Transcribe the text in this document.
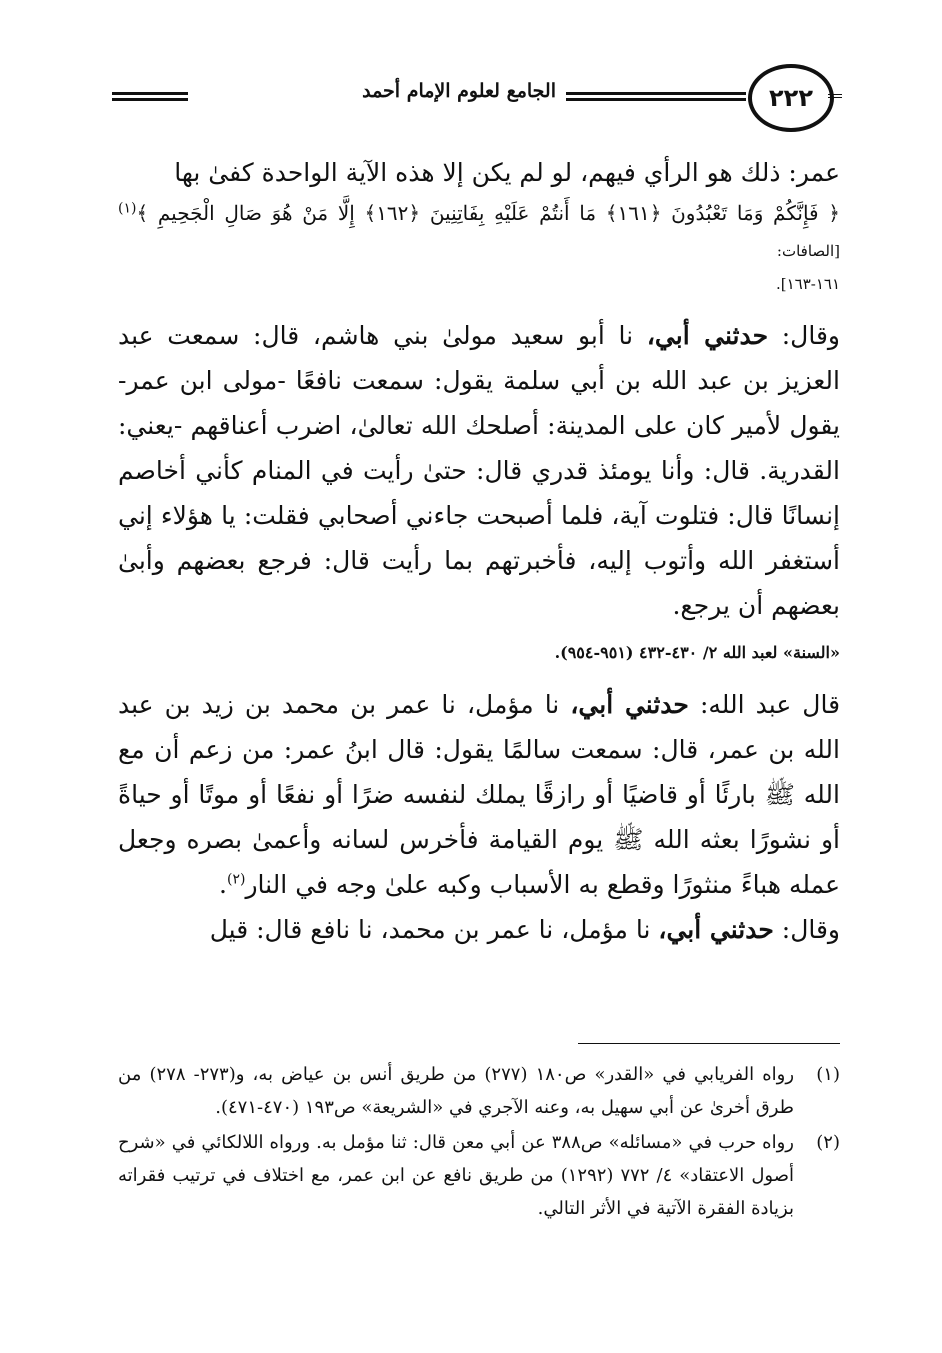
الجامع لعلوم الإمام أحمد	٢٢٢

عمر: ذلك هو الرأي فيهم، لو لم يكن إلا هذه الآية الواحدة كفىٰ بها

﴿ فَإِنَّكُمْ وَمَا تَعْبُدُونَ ﴿١٦١﴾ مَا أَنتُمْ عَلَيْهِ بِفَاتِنِينَ ﴿١٦٢﴾ إِلَّا مَنْ هُوَ صَالِ الْجَحِيمِ ﴾$^{(١)}$ [الصافات:

١٦١-١٦٣].

وقال: حدثني أبي، نا أبو سعيد مولىٰ بني هاشم، قال: سمعت عبد العزيز بن عبد الله بن أبي سلمة يقول: سمعت نافعًا -مولى ابن عمر- يقول لأمير كان على المدينة: أصلحك الله تعالىٰ، اضرب أعناقهم -يعني: القدرية. قال: وأنا يومئذ قدري قال: حتىٰ رأيت في المنام كأني أخاصم إنسانًا قال: فتلوت آية، فلما أصبحت جاءني أصحابي فقلت: يا هؤلاء إني أستغفر الله وأتوب إليه، فأخبرتهم بما رأيت قال: فرجع بعضهم وأبىٰ بعضهم أن يرجع.

«السنة» لعبد الله ٢/ ٤٣٠-٤٣٢ (٩٥١-٩٥٤).

قال عبد الله: حدثني أبي، نا مؤمل، نا عمر بن محمد بن زيد بن عبد الله بن عمر، قال: سمعت سالمًا يقول: قال ابنُ عمر: من زعم أن مع الله ﷺ بارئًا أو قاضيًا أو رازقًا يملك لنفسه ضرًا أو نفعًا أو موتًا أو حياةً أو نشورًا بعثه الله ﷺ يوم القيامة فأخرس لسانه وأعمىٰ بصره وجعل عمله هباءً منثورًا وقطع به الأسباب وكبه علىٰ وجه في النار$^{(٢)}$.

وقال: حدثني أبي، نا مؤمل، نا عمر بن محمد، نا نافع قال: قيل

(١)
رواه الفريابي في «القدر» ص١٨٠ (٢٧٧) من طريق أنس بن عياض به، و(٢٧٣- ٢٧٨) من طرق أخرىٰ عن أبي سهيل به، وعنه الآجري في «الشريعة» ص١٩٣ (٤٧٠-٤٧١).
(٢)
رواه حرب في «مسائله» ص٣٨٨ عن أبي معن قال: ثنا مؤمل به. ورواه اللالكائي في «شرح أصول الاعتقاد» ٤/ ٧٧٢ (١٢٩٢) من طريق نافع عن ابن عمر، مع اختلاف في ترتيب فقراته بزيادة الفقرة الآتية في الأثر التالي.
